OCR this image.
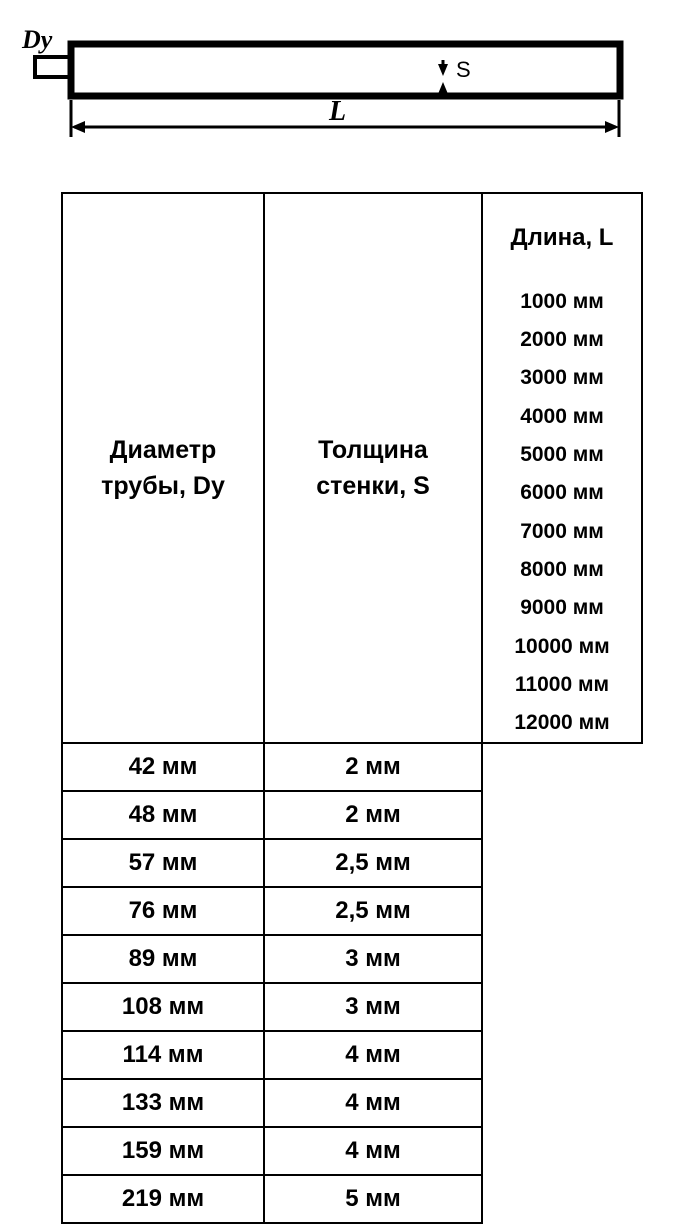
Dy
S
L
Диаметр
трубы, Dy

Толщина
стенки, S

Длина, L
1000 мм
2000 мм
3000 мм
4000 мм
5000 мм
6000 мм
7000 мм
8000 мм
9000 мм
10000 мм
11000 мм
12000 мм

42 мм	2 мм	
48 мм	2 мм	
57 мм	2,5 мм	
76 мм	2,5 мм	
89 мм	3 мм	
108 мм	3 мм	
114 мм	4 мм	
133 мм	4 мм	
159 мм	4 мм	
219 мм	5 мм	
